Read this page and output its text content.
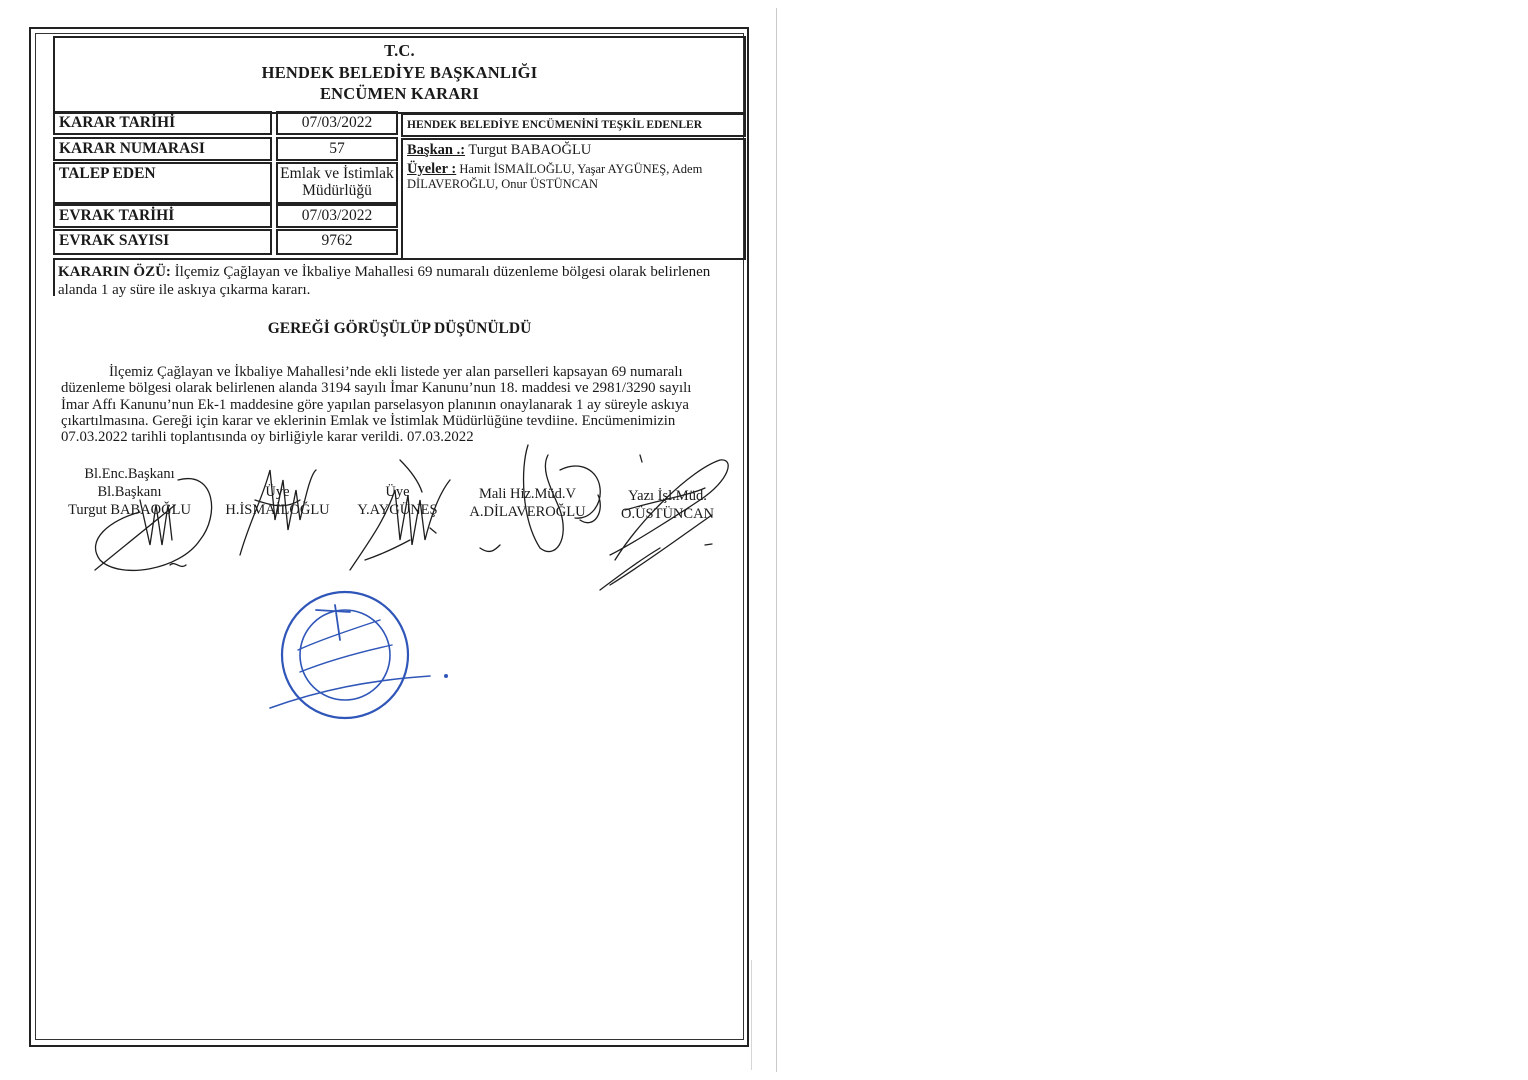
T.C.
HENDEK BELEDİYE BAŞKANLIĞI
ENCÜMEN KARARI
KARAR TARİHİ	07/03/2022
KARAR NUMARASI	57
TALEP EDEN	Emlak ve İstimlak
Müdürlüğü
EVRAK TARİHİ	07/03/2022
EVRAK SAYISI	9762
HENDEK BELEDİYE ENCÜMENİNİ TEŞKİL EDENLER
Başkan .: Turgut BABAOĞLU
Üyeler : Hamit İSMAİLOĞLU, Yaşar AYGÜNEŞ, Adem
DİLAVEROĞLU, Onur ÜSTÜNCAN
KARARIN ÖZÜ: İlçemiz Çağlayan ve İkbaliye Mahallesi 69 numaralı düzenleme bölgesi olarak belirlenen
alanda 1 ay süre ile askıya çıkarma kararı.
GEREĞİ GÖRÜŞÜLÜP DÜŞÜNÜLDÜ
İlçemiz Çağlayan ve İkbaliye Mahallesi’nde ekli listede yer alan parselleri kapsayan 69 numaralı
düzenleme bölgesi olarak belirlenen alanda 3194 sayılı İmar Kanunu’nun 18. maddesi ve 2981/3290 sayılı
İmar Affı Kanunu’nun Ek-1 maddesine göre yapılan parselasyon planının onaylanarak 1 ay süreyle askıya
çıkartılmasına. Gereği için karar ve eklerinin Emlak ve İstimlak Müdürlüğüne tevdiine. Encümenimizin
07.03.2022 tarihli toplantısında oy birliğiyle karar verildi. 07.03.2022
Bl.Enc.Başkanı
Bl.Başkanı
Turgut BABAOĞLU
Üye
H.İSMAİLOĞLU
Üye
Y.AYGÜNEŞ
Mali Hiz.Müd.V
A.DİLAVEROĞLU
Yazı İşl.Müd.
O.ÜSTÜNCAN
